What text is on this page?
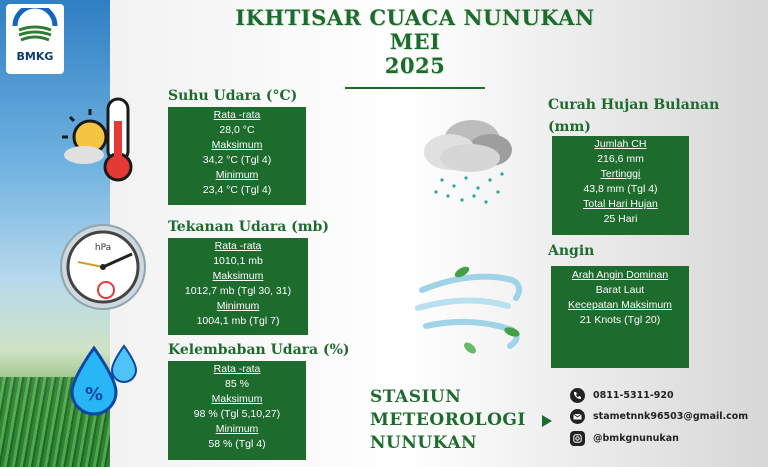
BMKG
IKHTISAR CUACA NUNUKAN
MEI
2025
hPa
%
Suhu Udara (°C)
Rata -rata
28,0 °C
Maksimum
34,2 °C (Tgl 4)
Minimum
23,4 °C (Tgl 4)
Tekanan Udara (mb)
Rata -rata
1010,1 mb
Maksimum
1012,7 mb (Tgl 30, 31)
Minimum
1004,1 mb (Tgl 7)
Kelembaban Udara (%)
Rata -rata
85 %
Maksimum
98 % (Tgl 5,10,27)
Minimum
58 % (Tgl 4)
Curah Hujan Bulanan
(mm)
Jumlah CH
216,6 mm
Tertinggi
43,8 mm (Tgl 4)
Total Hari Hujan
25 Hari
Angin
Arah Angin Dominan
Barat Laut
Kecepatan Maksimum
21 Knots (Tgl 20)
STASIUN
METEOROLOGI
NUNUKAN
0811-5311-920
stametnnk96503@gmail.com
@bmkgnunukan
